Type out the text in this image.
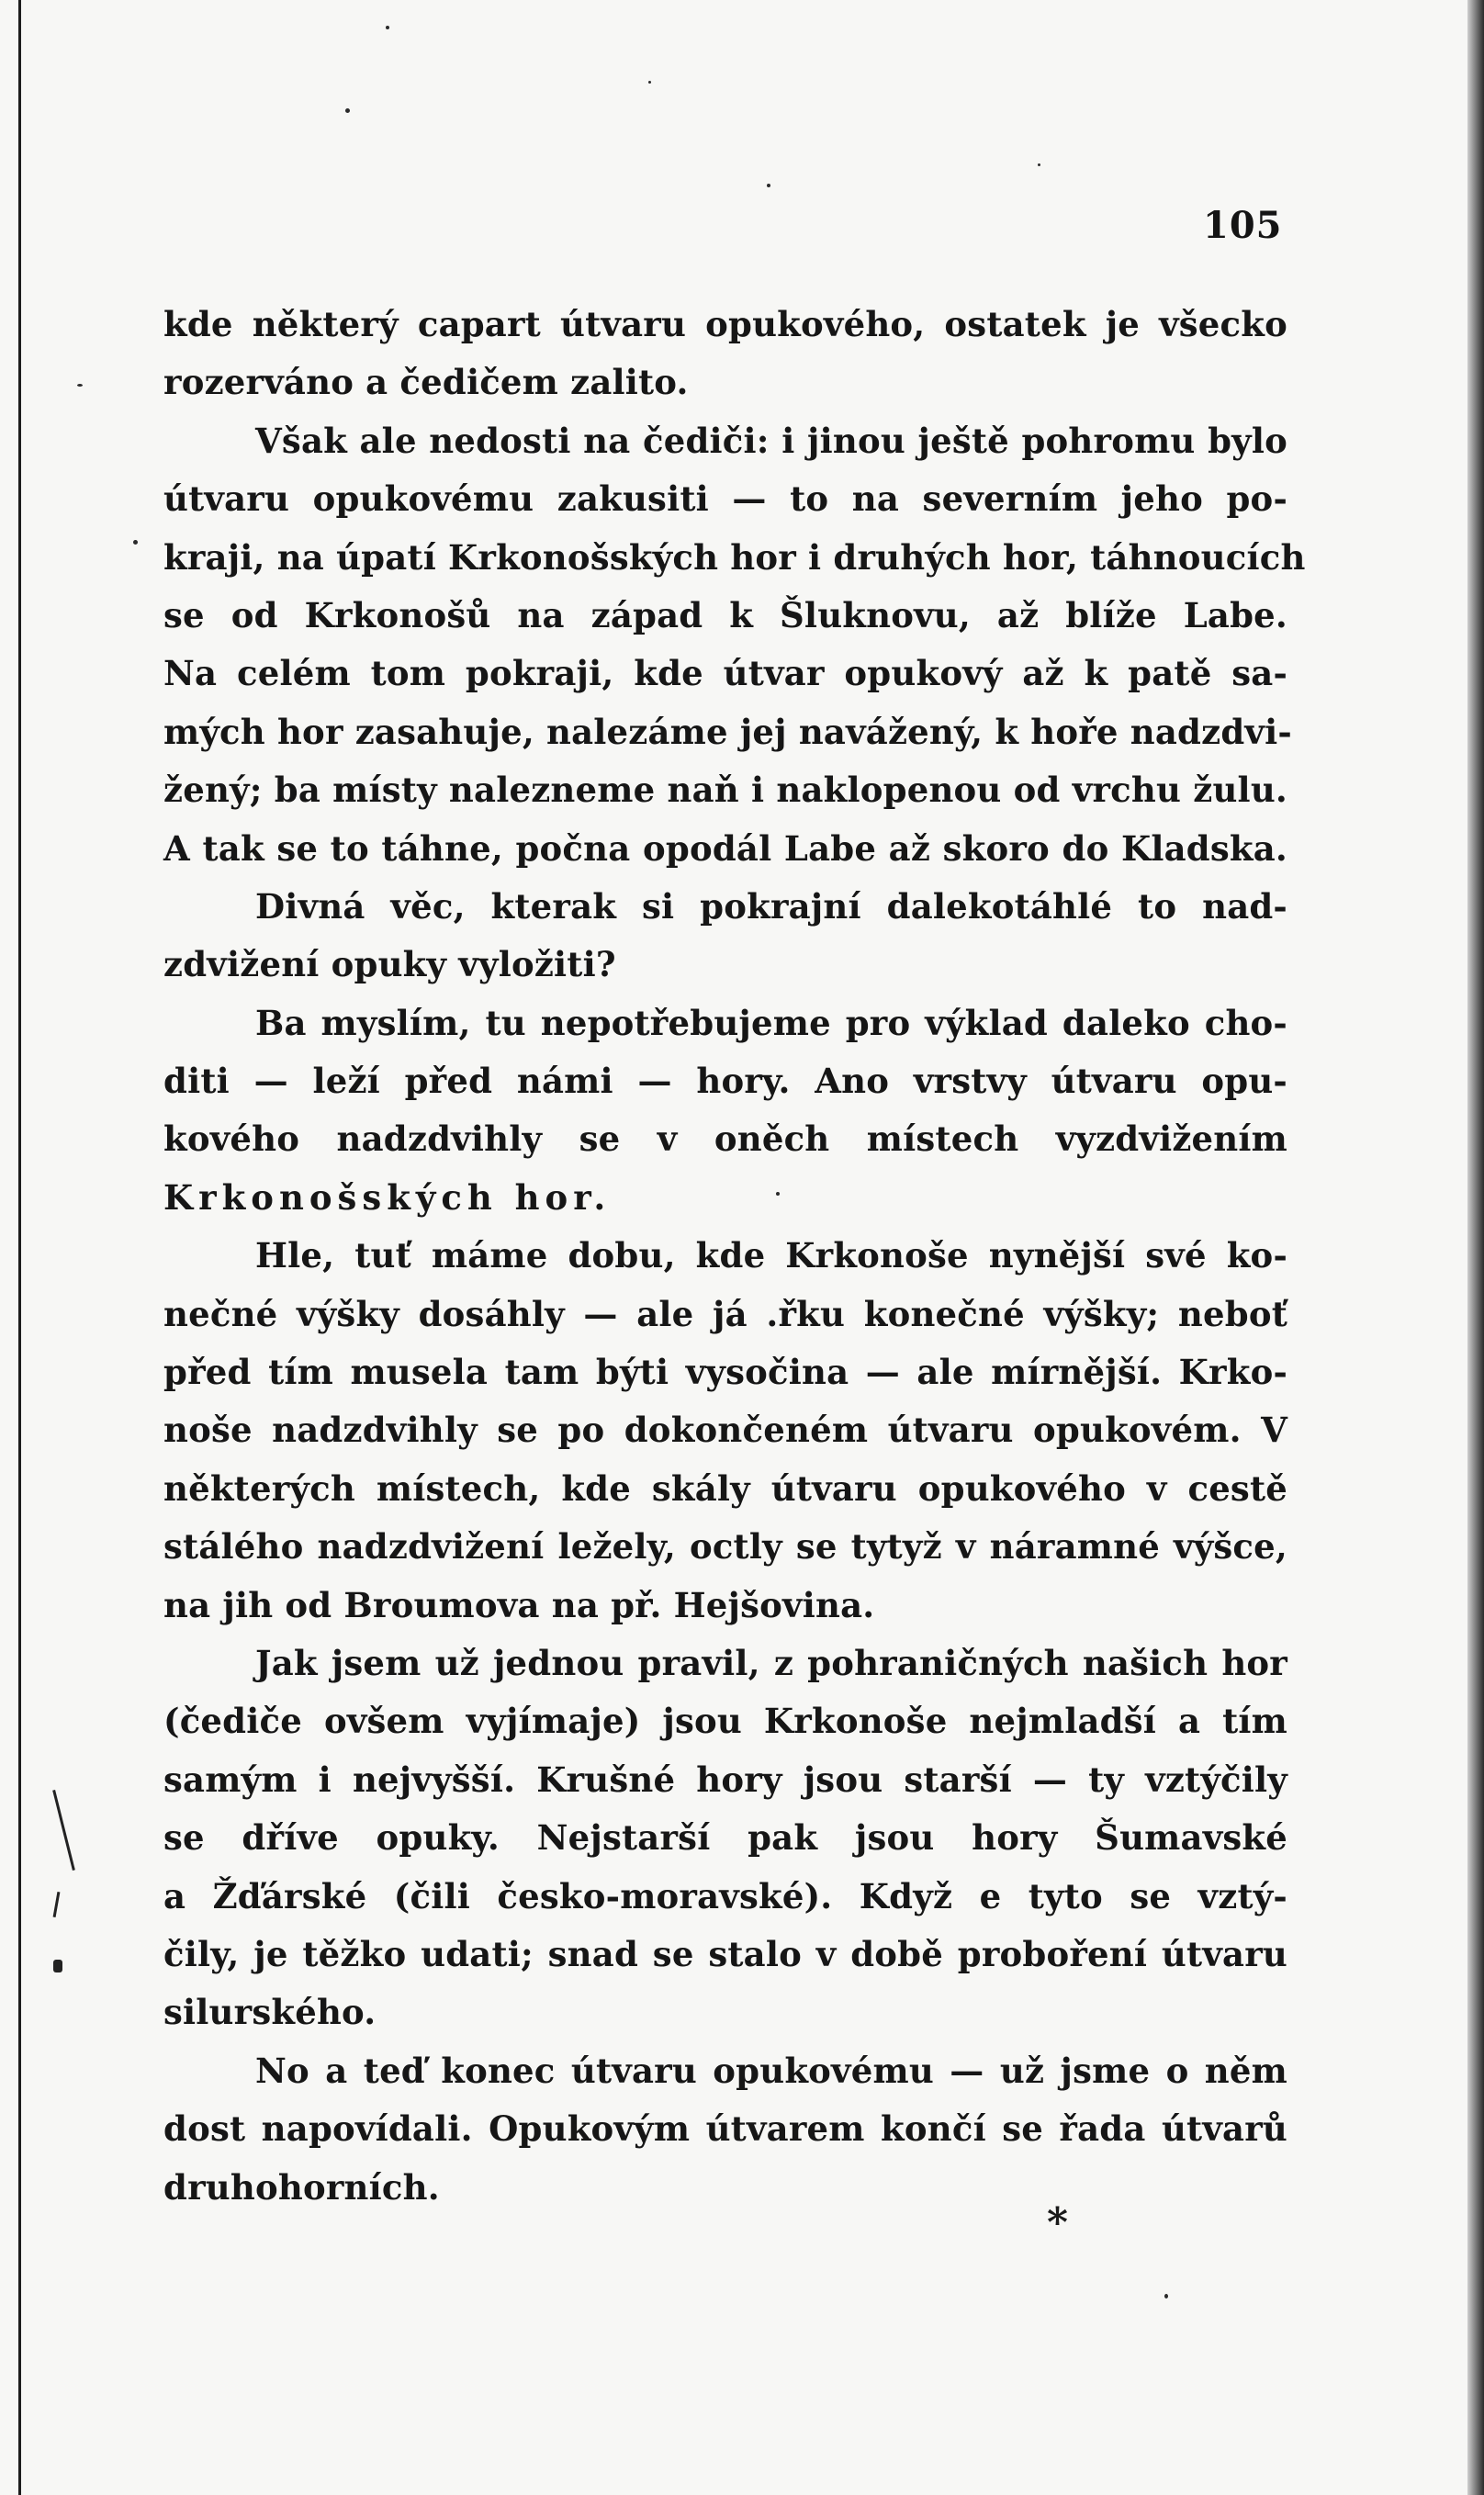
105
kde některý capart útvaru opukového, ostatek je všecko
rozerváno a čedičem zalito.
Však ale nedosti na čediči: i jinou ještě pohromu bylo
útvaru opukovému zakusiti — to na severním jeho po-
kraji, na úpatí Krkonošských hor i druhých hor, táhnoucích
se od Krkonošů na západ k Šluknovu, až blíže Labe.
Na celém tom pokraji, kde útvar opukový až k patě sa-
mých hor zasahuje, nalezáme jej navážený, k hoře nadzdvi-
žený; ba místy nalezneme naň i naklopenou od vrchu žulu.
A tak se to táhne, počna opodál Labe až skoro do Kladska.
Divná věc, kterak si pokrajní dalekotáhlé to nad-
zdvižení opuky vyložiti?
Ba myslím, tu nepotřebujeme pro výklad daleko cho-
diti — leží před námi — hory. Ano vrstvy útvaru opu-
kového nadzdvihly se v oněch místech vyzdvižením
Krkonošských hor.
Hle, tuť máme dobu, kde Krkonoše nynější své ko-
nečné výšky dosáhly — ale já .řku konečné výšky; neboť
před tím musela tam býti vysočina — ale mírnější. Krko-
noše nadzdvihly se po dokončeném útvaru opukovém. V
některých místech, kde skály útvaru opukového v cestě
stálého nadzdvižení ležely, octly se tytyž v náramné výšce,
na jih od Broumova na př. Hejšovina.
Jak jsem už jednou pravil, z pohraničných našich hor
(čediče ovšem vyjímaje) jsou Krkonoše nejmladší a tím
samým i nejvyšší. Krušné hory jsou starší — ty vztýčily
se dříve opuky. Nejstarší pak jsou hory Šumavské
a Žďárské (čili česko-moravské). Když e tyto se vztý-
čily, je těžko udati; snad se stalo v době proboření útvaru
silurského.
No a teď konec útvaru opukovému — už jsme o něm
dost napovídali. Opukovým útvarem končí se řada útvarů
druhohorních.
*
